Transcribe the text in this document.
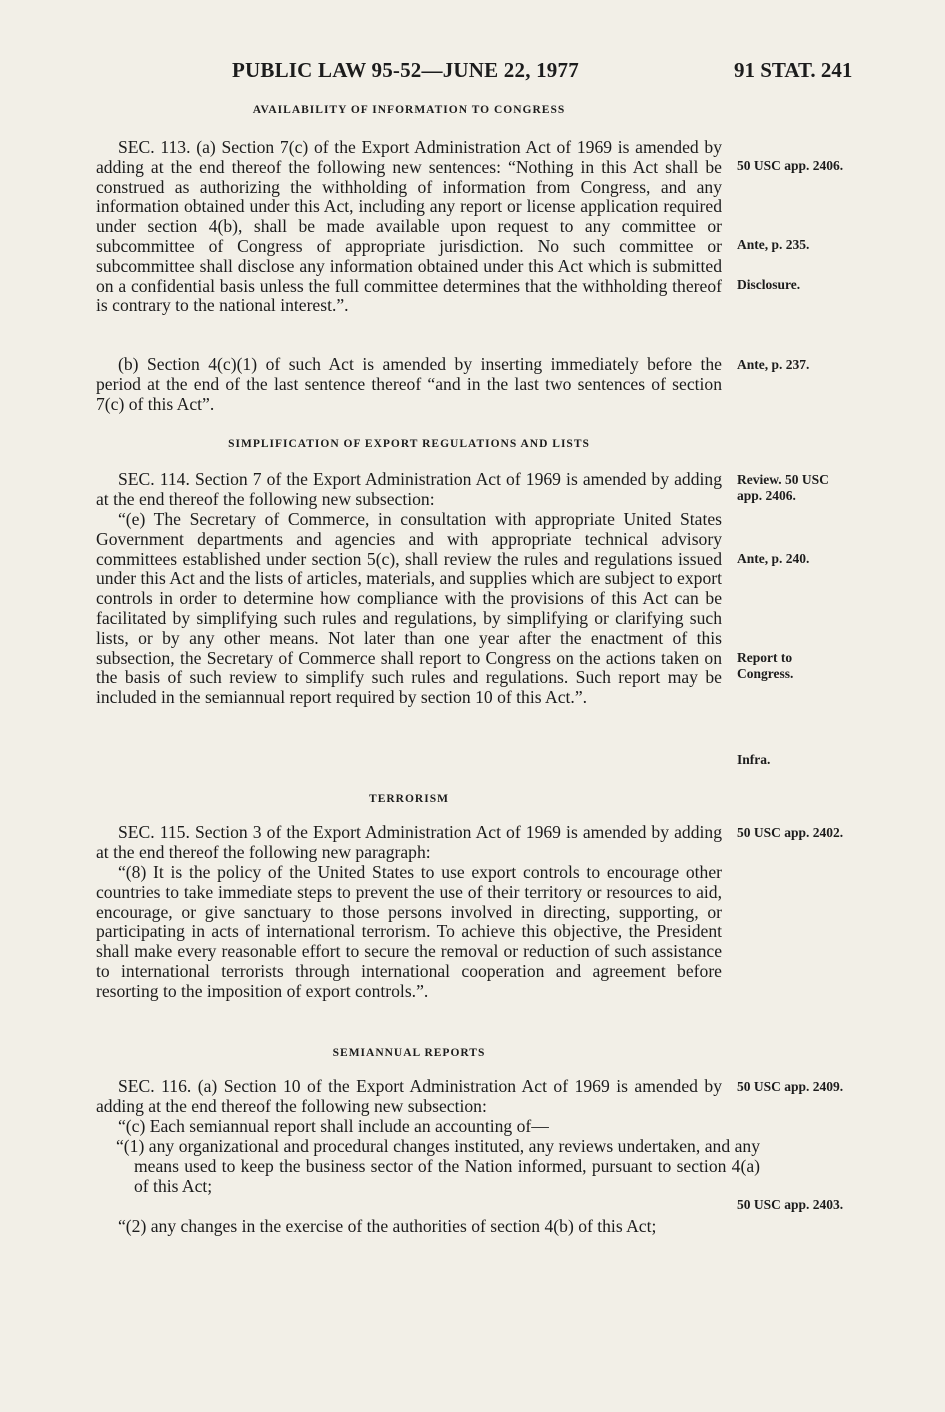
PUBLIC LAW 95-52—JUNE 22, 1977	91 STAT. 241
AVAILABILITY OF INFORMATION TO CONGRESS

SEC. 113. (a) Section 7(c) of the Export Administration Act of 1969 is amended by adding at the end thereof the following new sentences: “Nothing in this Act shall be construed as authorizing the withholding of information from Congress, and any information obtained under this Act, including any report or license application required under section 4(b), shall be made available upon request to any committee or subcommittee of Congress of appropriate jurisdiction. No such committee or subcommittee shall disclose any information obtained under this Act which is submitted on a confidential basis unless the full committee determines that the withholding thereof is contrary to the national interest.”.

(b) Section 4(c)(1) of such Act is amended by inserting immediately before the period at the end of the last sentence thereof “and in the last two sentences of section 7(c) of this Act”.

SIMPLIFICATION OF EXPORT REGULATIONS AND LISTS

SEC. 114. Section 7 of the Export Administration Act of 1969 is amended by adding at the end thereof the following new subsection:

“(e) The Secretary of Commerce, in consultation with appropriate United States Government departments and agencies and with appropriate technical advisory committees established under section 5(c), shall review the rules and regulations issued under this Act and the lists of articles, materials, and supplies which are subject to export controls in order to determine how compliance with the provisions of this Act can be facilitated by simplifying such rules and regulations, by simplifying or clarifying such lists, or by any other means. Not later than one year after the enactment of this subsection, the Secretary of Commerce shall report to Congress on the actions taken on the basis of such review to simplify such rules and regulations. Such report may be included in the semiannual report required by section 10 of this Act.”.

TERRORISM

SEC. 115. Section 3 of the Export Administration Act of 1969 is amended by adding at the end thereof the following new paragraph:

“(8) It is the policy of the United States to use export controls to encourage other countries to take immediate steps to prevent the use of their territory or resources to aid, encourage, or give sanctuary to those persons involved in directing, supporting, or participating in acts of international terrorism. To achieve this objective, the President shall make every reasonable effort to secure the removal or reduction of such assistance to international terrorists through international cooperation and agreement before resorting to the imposition of export controls.”.

SEMIANNUAL REPORTS

SEC. 116. (a) Section 10 of the Export Administration Act of 1969 is amended by adding at the end thereof the following new subsection:

“(c) Each semiannual report shall include an accounting of—

“(1) any organizational and procedural changes instituted, any reviews undertaken, and any means used to keep the business sector of the Nation informed, pursuant to section 4(a) of this Act;

“(2) any changes in the exercise of the authorities of section 4(b) of this Act;

50 USC app. 2406.
Ante, p. 235.
Disclosure.
Ante, p. 237.
Review. 50 USC app. 2406.
Ante, p. 240.
Report to Congress.
Infra.
50 USC app. 2402.
50 USC app. 2409.
50 USC app. 2403.
